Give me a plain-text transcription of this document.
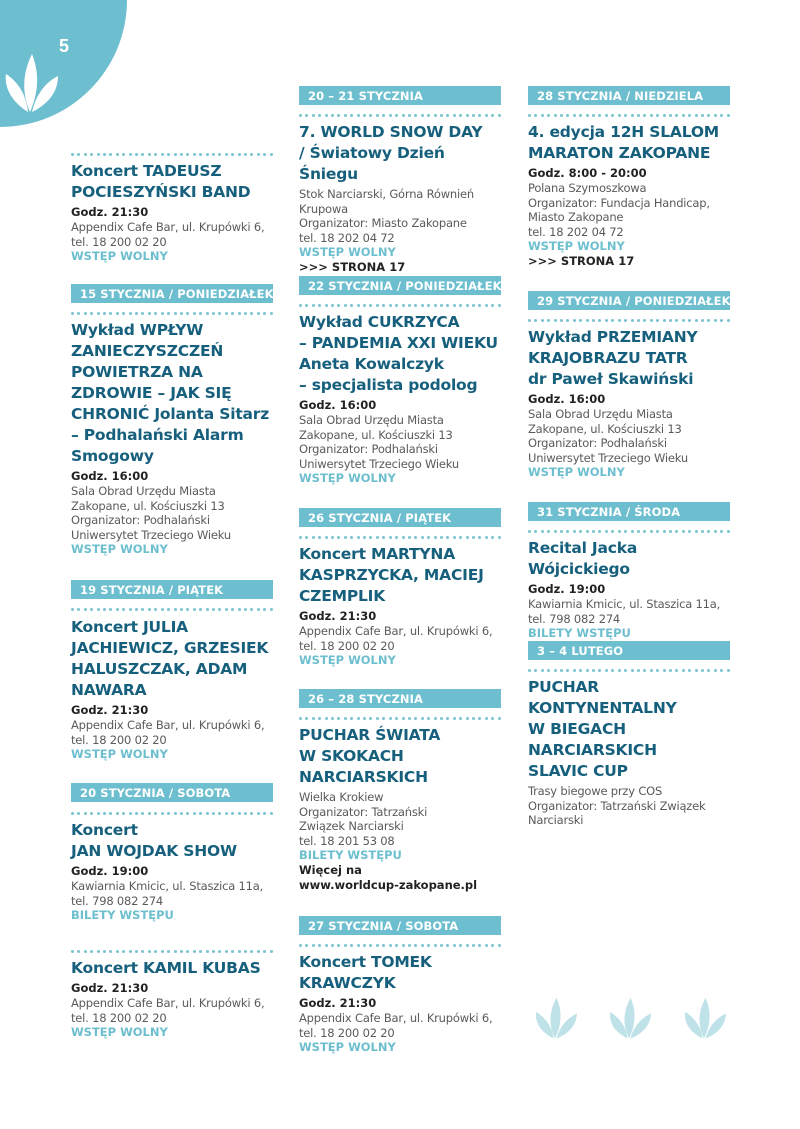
5
Koncert TADEUSZ
POCIESZYŃSKI BAND
Godz. 21:30
Appendix Cafe Bar, ul. Krupówki 6,
tel. 18 200 02 20
WSTĘP WOLNY
15 STYCZNIA / PONIEDZIAŁEK
Wykład WPŁYW
ZANIECZYSZCZEŃ
POWIETRZA NA
ZDROWIE – JAK SIĘ
CHRONIĆ Jolanta Sitarz
– Podhalański Alarm
Smogowy
Godz. 16:00
Sala Obrad Urzędu Miasta
Zakopane, ul. Kościuszki 13
Organizator: Podhalański
Uniwersytet Trzeciego Wieku
WSTĘP WOLNY
19 STYCZNIA / PIĄTEK
Koncert JULIA
JACHIEWICZ, GRZESIEK
HALUSZCZAK, ADAM
NAWARA
Godz. 21:30
Appendix Cafe Bar, ul. Krupówki 6,
tel. 18 200 02 20
WSTĘP WOLNY
20 STYCZNIA / SOBOTA
Koncert
JAN WOJDAK SHOW
Godz. 19:00
Kawiarnia Kmicic, ul. Staszica 11a,
tel. 798 082 274
BILETY WSTĘPU
Koncert KAMIL KUBAS
Godz. 21:30
Appendix Cafe Bar, ul. Krupówki 6,
tel. 18 200 02 20
WSTĘP WOLNY
20 – 21 STYCZNIA
7. WORLD SNOW DAY
/ Światowy Dzień Śniegu
Stok Narciarski, Górna Równień
Krupowa
Organizator: Miasto Zakopane
tel. 18 202 04 72
WSTĘP WOLNY
>>> STRONA 17
22 STYCZNIA / PONIEDZIAŁEK
Wykład CUKRZYCA
– PANDEMIA XXI WIEKU
Aneta Kowalczyk
– specjalista podolog
Godz. 16:00
Sala Obrad Urzędu Miasta
Zakopane, ul. Kościuszki 13
Organizator: Podhalański
Uniwersytet Trzeciego Wieku
WSTĘP WOLNY
26 STYCZNIA / PIĄTEK
Koncert MARTYNA
KASPRZYCKA, MACIEJ
CZEMPLIK
Godz. 21:30
Appendix Cafe Bar, ul. Krupówki 6,
tel. 18 200 02 20
WSTĘP WOLNY
26 – 28 STYCZNIA
PUCHAR ŚWIATA
W SKOKACH
NARCIARSKICH
Wielka Krokiew
Organizator: Tatrzański
Związek Narciarski
tel. 18 201 53 08
BILETY WSTĘPU
Więcej na
www.worldcup-zakopane.pl
27 STYCZNIA / SOBOTA
Koncert TOMEK
KRAWCZYK
Godz. 21:30
Appendix Cafe Bar, ul. Krupówki 6,
tel. 18 200 02 20
WSTĘP WOLNY
28 STYCZNIA / NIEDZIELA
4. edycja 12H SLALOM
MARATON ZAKOPANE
Godz. 8:00 - 20:00
Polana Szymoszkowa
Organizator: Fundacja Handicap,
Miasto Zakopane
tel. 18 202 04 72
WSTĘP WOLNY
>>> STRONA 17
29 STYCZNIA / PONIEDZIAŁEK
Wykład PRZEMIANY
KRAJOBRAZU TATR
dr Paweł Skawiński
Godz. 16:00
Sala Obrad Urzędu Miasta
Zakopane, ul. Kościuszki 13
Organizator: Podhalański
Uniwersytet Trzeciego Wieku
WSTĘP WOLNY
31 STYCZNIA / ŚRODA
Recital Jacka Wójcickiego
Godz. 19:00
Kawiarnia Kmicic, ul. Staszica 11a,
tel. 798 082 274
BILETY WSTĘPU
3 – 4 LUTEGO
PUCHAR
KONTYNENTALNY
W BIEGACH
NARCIARSKICH
SLAVIC CUP
Trasy biegowe przy COS
Organizator: Tatrzański Związek
Narciarski
